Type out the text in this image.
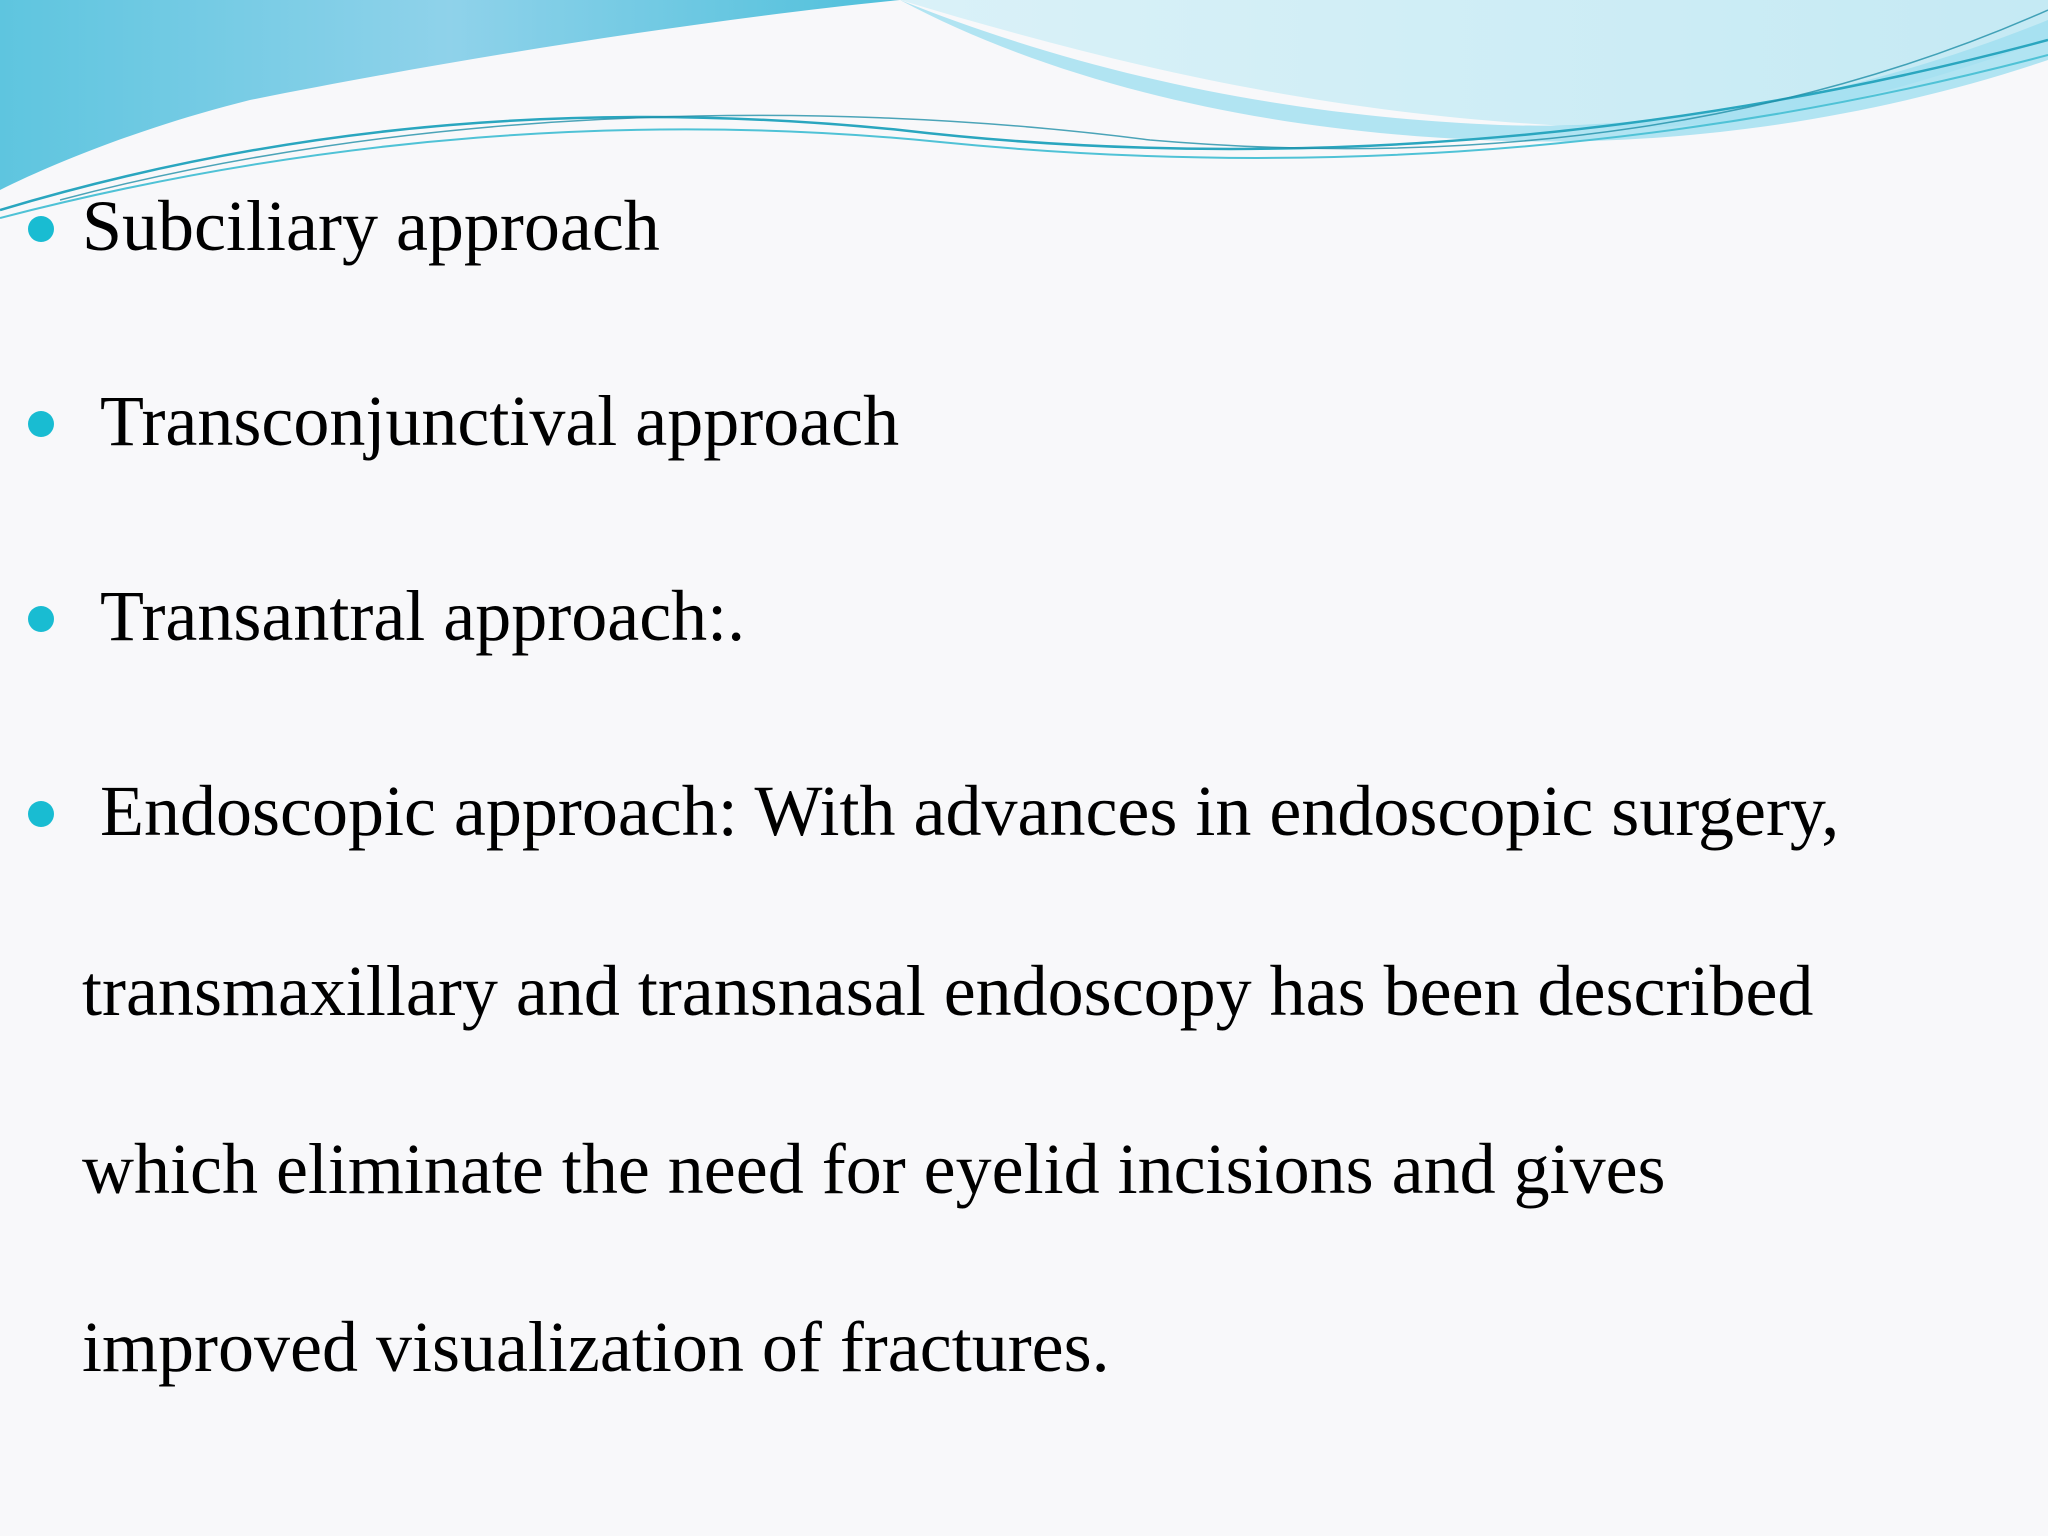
Subciliary approach
Transconjunctival approach
Transantral approach:.
Endoscopic approach: With advances in endoscopic surgery,
transmaxillary and transnasal endoscopy has been described
which eliminate the need for eyelid incisions and gives
improved visualization of fractures.
